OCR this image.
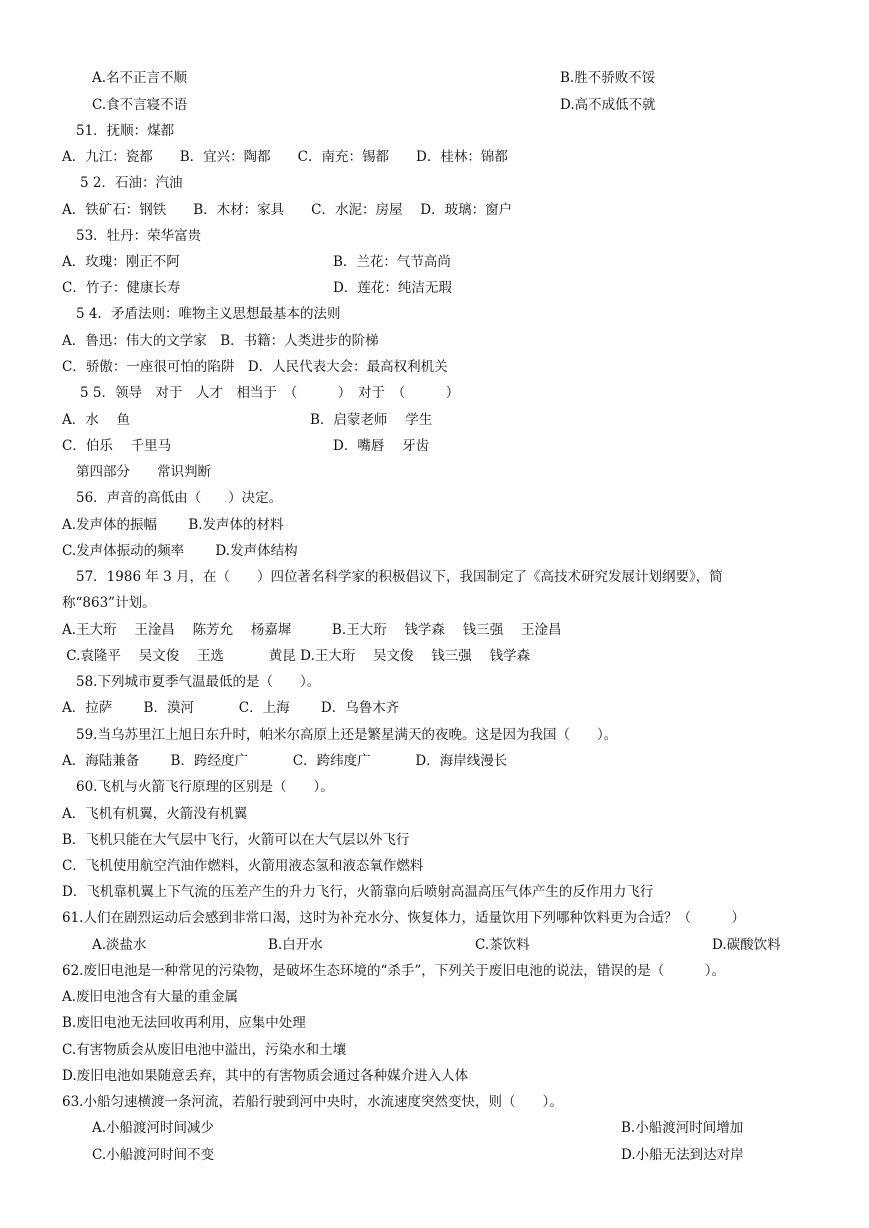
A.名不正言不顺	B.胜不骄败不馁
C.食不言寝不语	D.高不成低不就
51．抚顺：煤都
A．九江：瓷都　　B．宜兴：陶都　　C．南充：锡都　　D．桂林：锦都
5 2．石油：汽油
A．铁矿石：钢铁　　B．木材：家具　　C．水泥：房屋　 D．玻璃：窗户
53．牡丹：荣华富贵
A．玫瑰：刚正不阿	B．兰花：气节高尚
C．竹子：健康长寿	D．莲花：纯洁无瑕
5 4．矛盾法则：唯物主义思想最基本的法则
A．鲁迅：伟大的文学家　B．书籍：人类进步的阶梯
C．骄傲：一座很可怕的陷阱　D．人民代表大会：最高权利机关
5 5．领导　对于　人才　相当于　（　　　）　对于　（　　　）
A．水　 鱼	B．启蒙老师　 学生
C．伯乐　 千里马	D．嘴唇　 牙齿
第四部分　　常识判断
56．声音的高低由（　　）决定。
A.发声体的振幅　　 B.发声体的材料
C.发声体振动的频率　　 D.发声体结构
57．1986 年 3 月，在（　　）四位著名科学家的积极倡议下，我国制定了《高技术研究发展计划纲要》，简
称“863”计划。
A.王大珩　 王淦昌　 陈芳允　 杨嘉墀　　　B.王大珩　 钱学森　 钱三强　 王淦昌
C.袁隆平　 吴文俊　 王选　　　 黄昆 D.王大珩　 吴文俊　 钱三强　 钱学森
58.下列城市夏季气温最低的是（　　）。
A．拉萨　　 B．漠河　　　 C．上海　　 D．乌鲁木齐
59.当乌苏里江上旭日东升时，帕米尔高原上还是繁星满天的夜晚。这是因为我国（　　）。
A．海陆兼备　　 B．跨经度广　　　 C．跨纬度广　　　 D．海岸线漫长
60.飞机与火箭飞行原理的区别是（　　）。
A．飞机有机翼，火箭没有机翼
B．飞机只能在大气层中飞行，火箭可以在大气层以外飞行
C．飞机使用航空汽油作燃料，火箭用液态氢和液态氧作燃料
D．飞机靠机翼上下气流的压差产生的升力飞行，火箭靠向后喷射高温高压气体产生的反作用力飞行
61.人们在剧烈运动后会感到非常口渴，这时为补充水分、恢复体力，适量饮用下列哪种饮料更为合适？（　　　）
A.淡盐水	B.白开水	C.茶饮料	D.碳酸饮料
62.废旧电池是一种常见的污染物，是破坏生态环境的“杀手”，下列关于废旧电池的说法，错误的是（　　　）。
A.废旧电池含有大量的重金属
B.废旧电池无法回收再利用，应集中处理
C.有害物质会从废旧电池中溢出，污染水和土壤
D.废旧电池如果随意丢弃，其中的有害物质会通过各种媒介进入人体
63.小船匀速横渡一条河流，若船行驶到河中央时，水流速度突然变快，则（　　）。
A.小船渡河时间减少	B.小船渡河时间增加
C.小船渡河时间不变	D.小船无法到达对岸
